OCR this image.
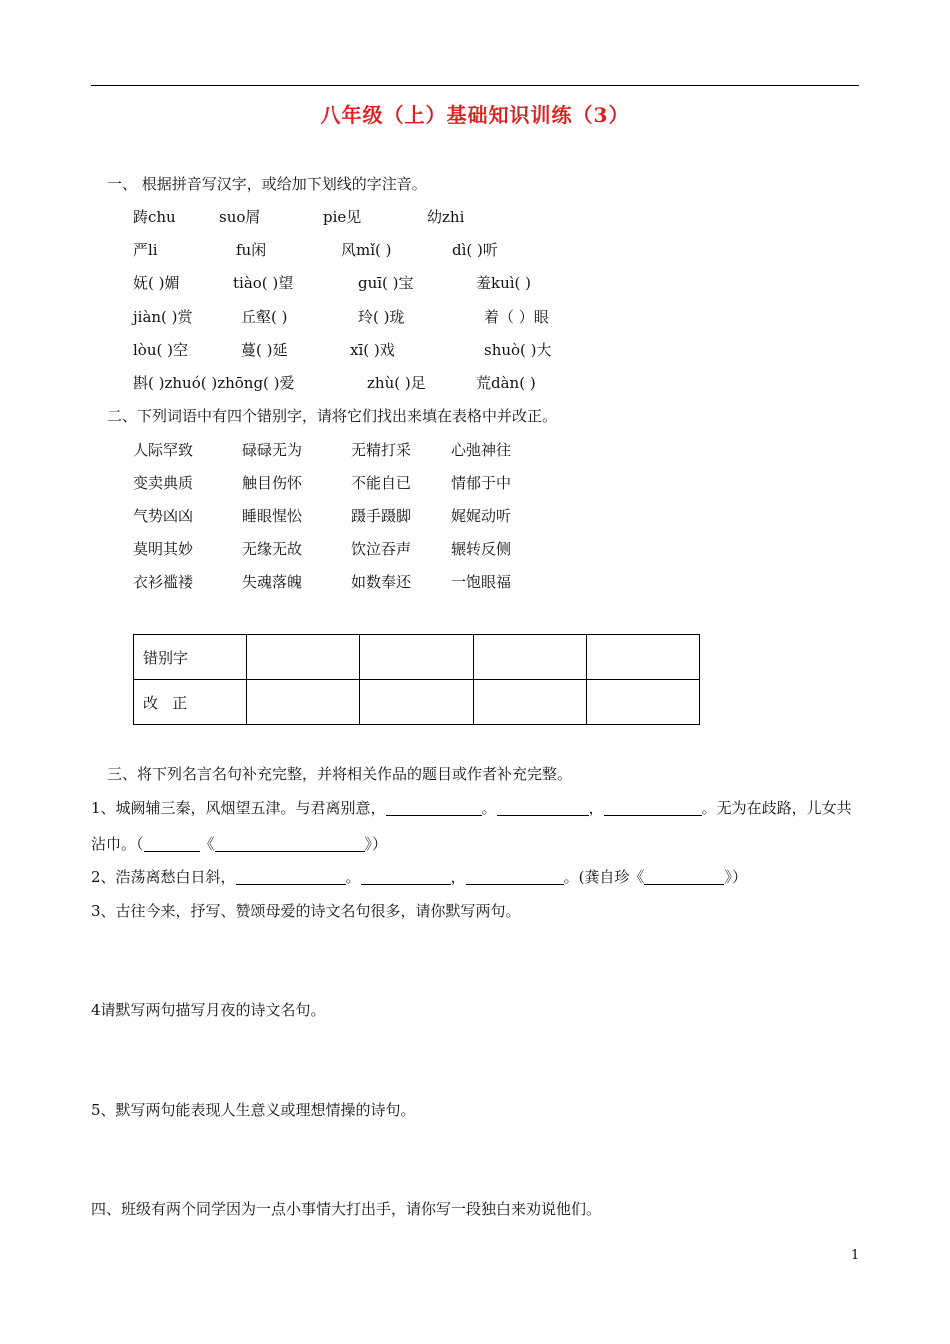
八年级（上）基础知识训练（3）
一、 根据拼音写汉字，或给加下划线的字注音。
踌chu	suo屑	pie见	幼zhi
严li	fu闲	风mǐ( )	dì( )听
妩( )媚	tiào( )望	guī( )宝	羞kuì( )
jiàn( )赏	丘壑( )	玲( )珑	着（ ）眼
lòu( )空	蔓( )延	xī( )戏	shuò( )大
斟( )zhuó( )zhōng( )爱	zhù( )足	荒dàn( )
二、下列词语中有四个错别字，请将它们找出来填在表格中并改正。
人际罕致	碌碌无为	无精打采	心弛神往
变卖典质	触目伤怀	不能自已	情郁于中
气势凶凶	睡眼惺忪	蹑手蹑脚	娓娓动听
莫明其妙	无缘无故	饮泣吞声	辗转反侧
衣衫褴褛	失魂落魄	如数奉还	一饱眼福
错别字				
改   正				
三、将下列名言名句补充完整，并将相关作品的题目或作者补充完整。
1、城阙辅三秦，风烟望五津。与君离别意，	。	，	。无为在歧路，儿女共
沾巾。（	《	》）
2、浩荡离愁白日斜，	。	，	。(龚自珍《	》）
3、古往今来，抒写、赞颂母爱的诗文名句很多，请你默写两句。
4请默写两句描写月夜的诗文名句。
5、默写两句能表现人生意义或理想情操的诗句。
四、班级有两个同学因为一点小事情大打出手，请你写一段独白来劝说他们。
1
